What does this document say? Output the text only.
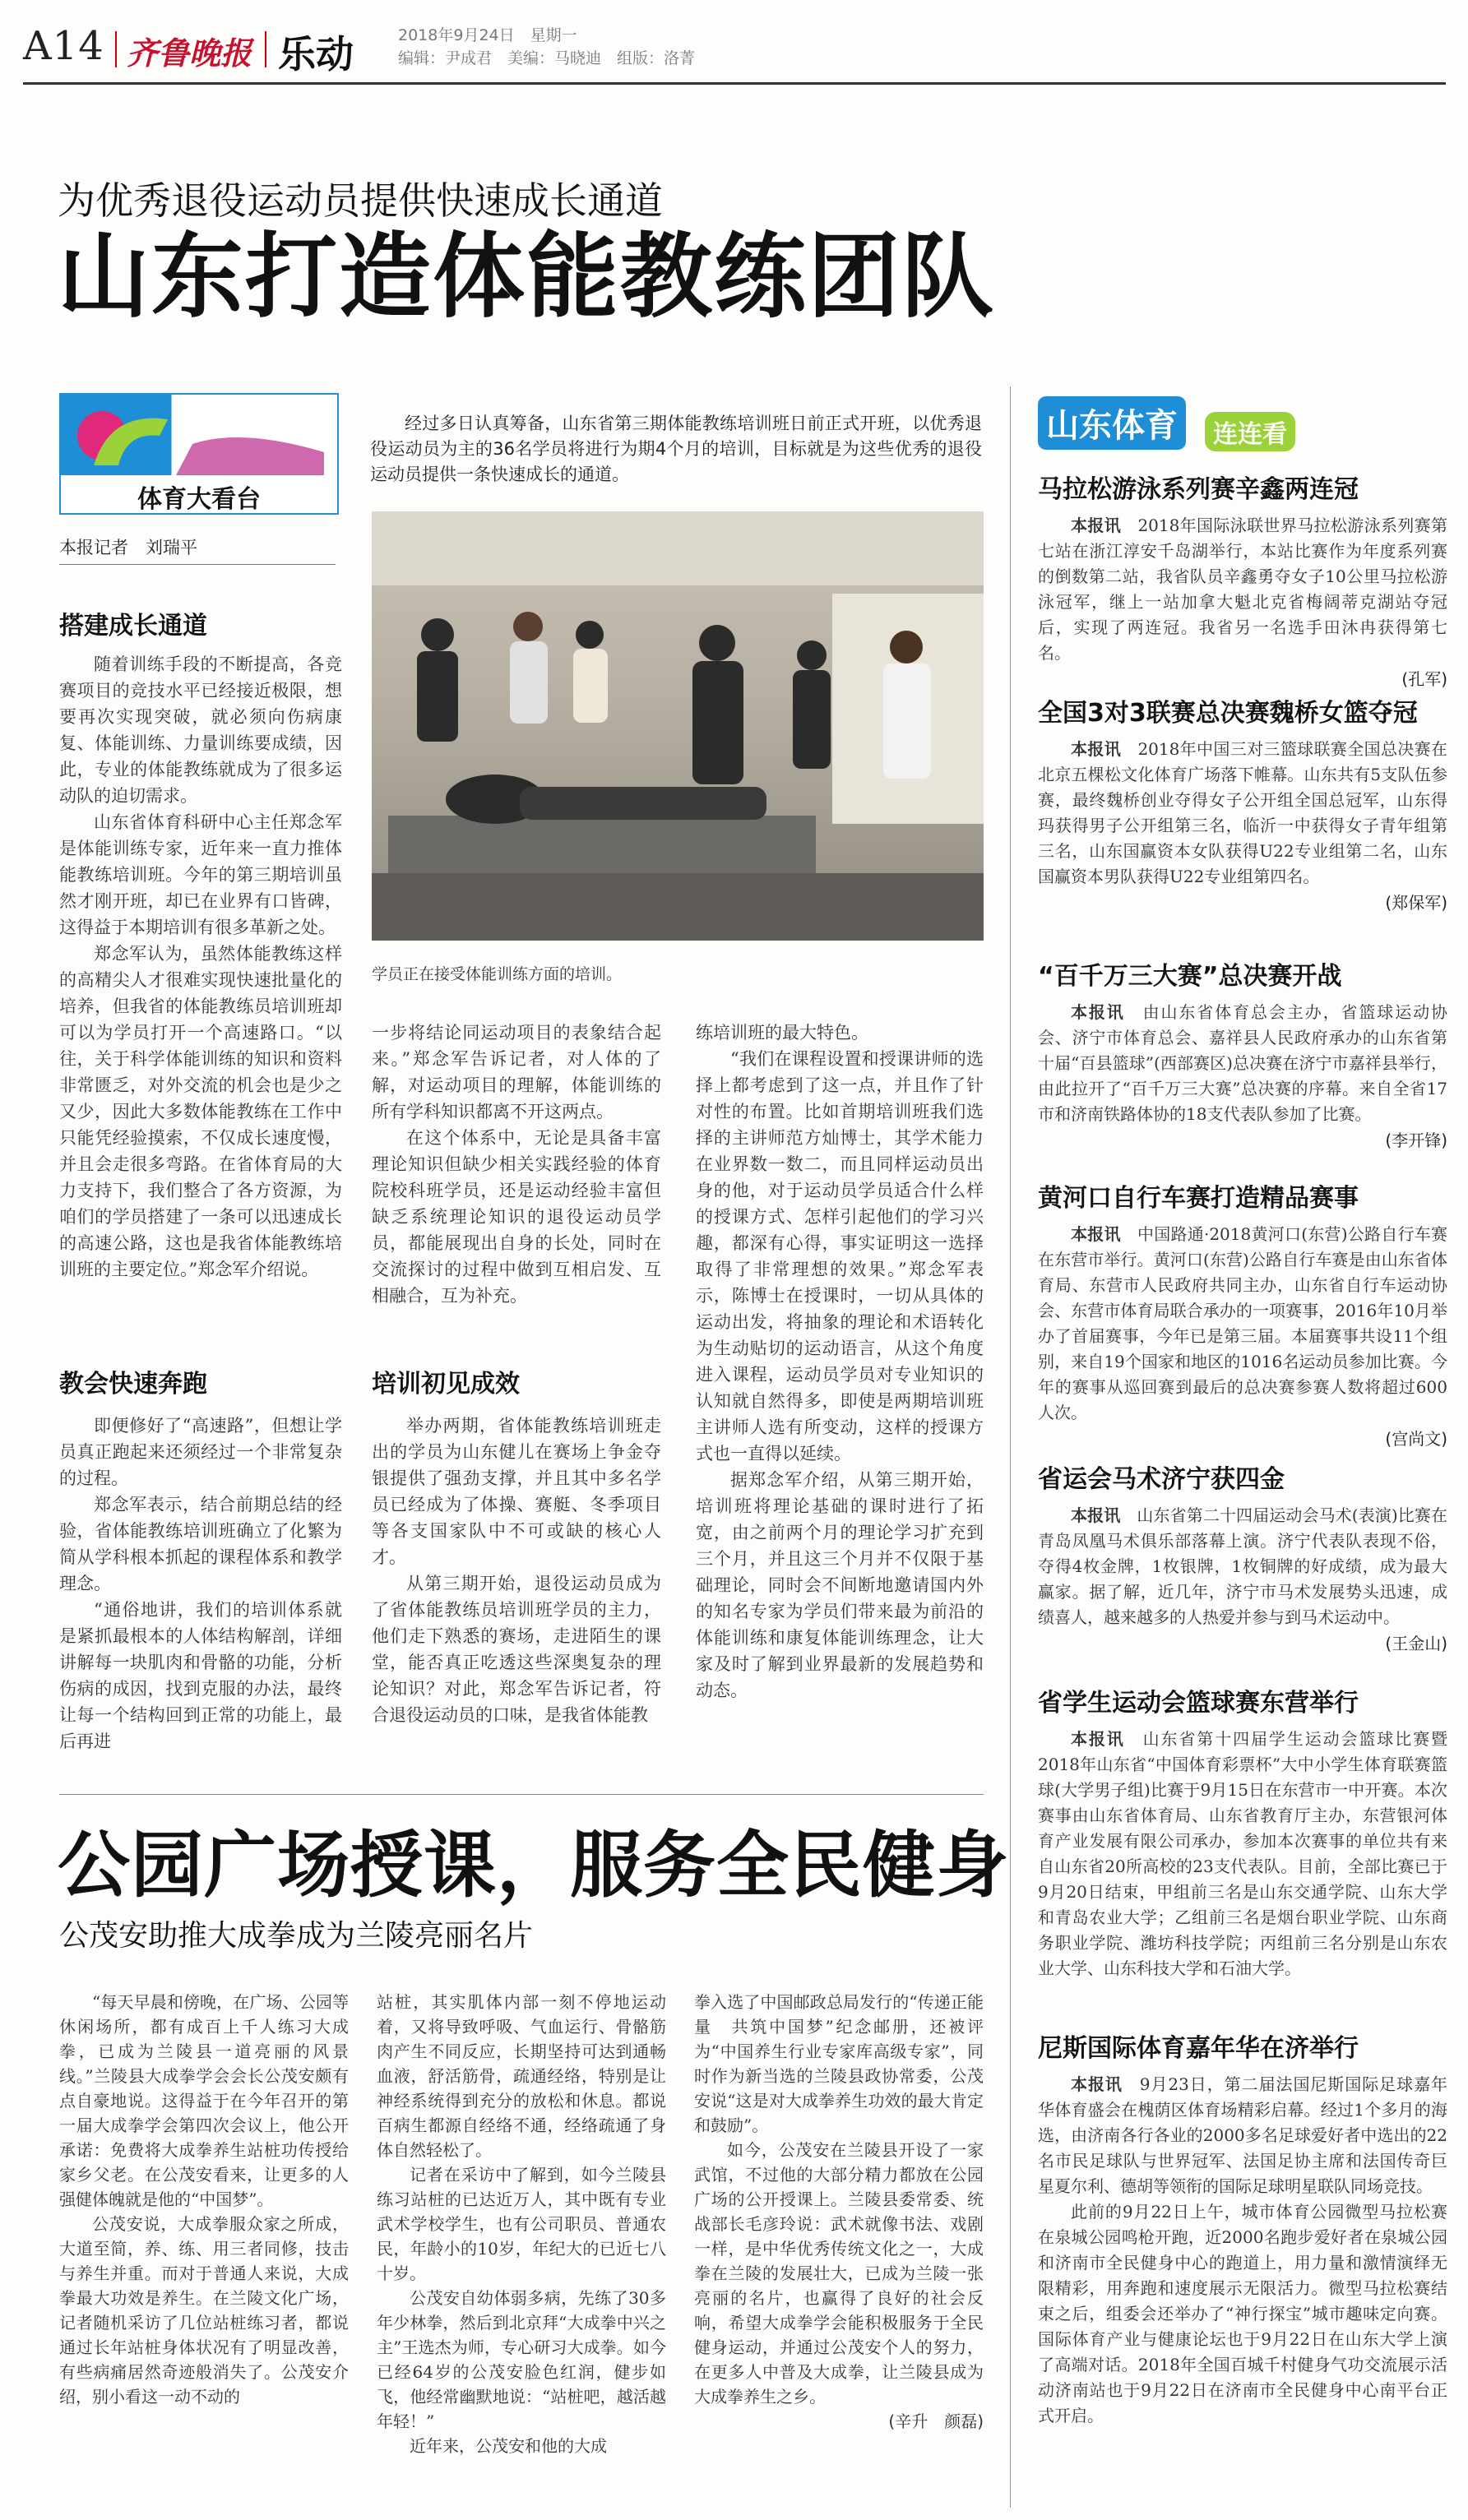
A14 齐鲁晚报 乐动	2018年9月24日　星期一
编辑：尹成君　美编：马晓迪　组版：洛菁
为优秀退役运动员提供快速成长通道
山东打造体能教练团队
体育大看台
本报记者　刘瑞平
经过多日认真筹备，山东省第三期体能教练培训班日前正式开班，以优秀退役运动员为主的36名学员将进行为期4个月的培训，目标就是为这些优秀的退役运动员提供一条快速成长的通道。
学员正在接受体能训练方面的培训。
搭建成长通道

随着训练手段的不断提高，各竞赛项目的竞技水平已经接近极限，想要再次实现突破，就必须向伤病康复、体能训练、力量训练要成绩，因此，专业的体能教练就成为了很多运动队的迫切需求。

山东省体育科研中心主任郑念军是体能训练专家，近年来一直力推体能教练培训班。今年的第三期培训虽然才刚开班，却已在业界有口皆碑，这得益于本期培训有很多革新之处。

郑念军认为，虽然体能教练这样的高精尖人才很难实现快速批量化的培养，但我省的体能教练员培训班却可以为学员打开一个高速路口。“以往，关于科学体能训练的知识和资料非常匮乏，对外交流的机会也是少之又少，因此大多数体能教练在工作中只能凭经验摸索，不仅成长速度慢，并且会走很多弯路。在省体育局的大力支持下，我们整合了各方资源，为咱们的学员搭建了一条可以迅速成长的高速公路，这也是我省体能教练培训班的主要定位。”郑念军介绍说。

教会快速奔跑

即便修好了“高速路”，但想让学员真正跑起来还须经过一个非常复杂的过程。

郑念军表示，结合前期总结的经验，省体能教练培训班确立了化繁为简从学科根本抓起的课程体系和教学理念。

“通俗地讲，我们的培训体系就是紧抓最根本的人体结构解剖，详细讲解每一块肌肉和骨骼的功能，分析伤病的成因，找到克服的办法，最终让每一个结构回到正常的功能上，最后再进

一步将结论同运动项目的表象结合起来。”郑念军告诉记者，对人体的了解，对运动项目的理解，体能训练的所有学科知识都离不开这两点。

在这个体系中，无论是具备丰富理论知识但缺少相关实践经验的体育院校科班学员，还是运动经验丰富但缺乏系统理论知识的退役运动员学员，都能展现出自身的长处，同时在交流探讨的过程中做到互相启发、互相融合，互为补充。

培训初见成效

举办两期，省体能教练培训班走出的学员为山东健儿在赛场上争金夺银提供了强劲支撑，并且其中多名学员已经成为了体操、赛艇、冬季项目等各支国家队中不可或缺的核心人才。

从第三期开始，退役运动员成为了省体能教练员培训班学员的主力，他们走下熟悉的赛场，走进陌生的课堂，能否真正吃透这些深奥复杂的理论知识？对此，郑念军告诉记者，符合退役运动员的口味，是我省体能教

练培训班的最大特色。

“我们在课程设置和授课讲师的选择上都考虑到了这一点，并且作了针对性的布置。比如首期培训班我们选择的主讲师范方灿博士，其学术能力在业界数一数二，而且同样运动员出身的他，对于运动员学员适合什么样的授课方式、怎样引起他们的学习兴趣，都深有心得，事实证明这一选择取得了非常理想的效果。”郑念军表示，陈博士在授课时，一切从具体的运动出发，将抽象的理论和术语转化为生动贴切的运动语言，从这个角度进入课程，运动员学员对专业知识的认知就自然得多，即使是两期培训班主讲师人选有所变动，这样的授课方式也一直得以延续。

据郑念军介绍，从第三期开始，培训班将理论基础的课时进行了拓宽，由之前两个月的理论学习扩充到三个月，并且这三个月并不仅限于基础理论，同时会不间断地邀请国内外的知名专家为学员们带来最为前沿的体能训练和康复体能训练理念，让大家及时了解到业界最新的发展趋势和动态。

公园广场授课，服务全民健身
公茂安助推大成拳成为兰陵亮丽名片

“每天早晨和傍晚，在广场、公园等休闲场所，都有成百上千人练习大成拳，已成为兰陵县一道亮丽的风景线。”兰陵县大成拳学会会长公茂安颇有点自豪地说。这得益于在今年召开的第一届大成拳学会第四次会议上，他公开承诺：免费将大成拳养生站桩功传授给家乡父老。在公茂安看来，让更多的人强健体魄就是他的“中国梦”。

公茂安说，大成拳服众家之所成，大道至简，养、练、用三者同修，技击与养生并重。而对于普通人来说，大成拳最大功效是养生。在兰陵文化广场，记者随机采访了几位站桩练习者，都说通过长年站桩身体状况有了明显改善，有些病痛居然奇迹般消失了。公茂安介绍，别小看这一动不动的

站桩，其实肌体内部一刻不停地运动着，又将导致呼吸、气血运行、骨骼筋肉产生不同反应，长期坚持可达到通畅血液，舒活筋骨，疏通经络，特别是让神经系统得到充分的放松和休息。都说百病生都源自经络不通，经络疏通了身体自然轻松了。

记者在采访中了解到，如今兰陵县练习站桩的已达近万人，其中既有专业武术学校学生，也有公司职员、普通农民，年龄小的10岁，年纪大的已近七八十岁。

公茂安自幼体弱多病，先练了30多年少林拳，然后到北京拜“大成拳中兴之主”王选杰为师，专心研习大成拳。如今已经64岁的公茂安脸色红润，健步如飞，他经常幽默地说：“站桩吧，越活越年轻！”

近年来，公茂安和他的大成

拳入选了中国邮政总局发行的“传递正能量　共筑中国梦”纪念邮册，还被评为“中国养生行业专家库高级专家”，同时作为新当选的兰陵县政协常委，公茂安说“这是对大成拳养生功效的最大肯定和鼓励”。

如今，公茂安在兰陵县开设了一家武馆，不过他的大部分精力都放在公园广场的公开授课上。兰陵县委常委、统战部长毛彦玲说：武术就像书法、戏剧一样，是中华优秀传统文化之一，大成拳在兰陵的发展壮大，已成为兰陵一张亮丽的名片，也赢得了良好的社会反响，希望大成拳学会能积极服务于全民健身运动，并通过公茂安个人的努力，在更多人中普及大成拳，让兰陵县成为大成拳养生之乡。

(辛升　颜磊)

山东体育	连连看
马拉松游泳系列赛辛鑫两连冠
本报讯　 2018年国际泳联世界马拉松游泳系列赛第七站在浙江淳安千岛湖举行，本站比赛作为年度系列赛的倒数第二站，我省队员辛鑫勇夺女子10公里马拉松游泳冠军，继上一站加拿大魁北克省梅阔蒂克湖站夺冠后，实现了两连冠。我省另一名选手田沐冉获得第七名。
(孔军)
全国3对3联赛总决赛魏桥女篮夺冠
本报讯　 2018年中国三对三篮球联赛全国总决赛在北京五棵松文化体育广场落下帷幕。山东共有5支队伍参赛，最终魏桥创业夺得女子公开组全国总冠军，山东得玛获得男子公开组第三名，临沂一中获得女子青年组第三名，山东国赢资本女队获得U22专业组第二名，山东国赢资本男队获得U22专业组第四名。
(郑保军)
“百千万三大赛”总决赛开战
本报讯　 由山东省体育总会主办，省篮球运动协会、济宁市体育总会、嘉祥县人民政府承办的山东省第十届“百县篮球”(西部赛区)总决赛在济宁市嘉祥县举行，由此拉开了“百千万三大赛”总决赛的序幕。来自全省17市和济南铁路体协的18支代表队参加了比赛。
(李开锋)
黄河口自行车赛打造精品赛事
本报讯　 中国路通·2018黄河口(东营)公路自行车赛在东营市举行。黄河口(东营)公路自行车赛是由山东省体育局、东营市人民政府共同主办，山东省自行车运动协会、东营市体育局联合承办的一项赛事，2016年10月举办了首届赛事，今年已是第三届。本届赛事共设11个组别，来自19个国家和地区的1016名运动员参加比赛。今年的赛事从巡回赛到最后的总决赛参赛人数将超过600人次。
(宫尚文)
省运会马术济宁获四金
本报讯　 山东省第二十四届运动会马术(表演)比赛在青岛凤凰马术俱乐部落幕上演。济宁代表队表现不俗，夺得4枚金牌，1枚银牌，1枚铜牌的好成绩，成为最大赢家。据了解，近几年，济宁市马术发展势头迅速，成绩喜人，越来越多的人热爱并参与到马术运动中。
(王金山)
省学生运动会篮球赛东营举行
本报讯　 山东省第十四届学生运动会篮球比赛暨2018年山东省“中国体育彩票杯”大中小学生体育联赛篮球(大学男子组)比赛于9月15日在东营市一中开赛。本次赛事由山东省体育局、山东省教育厅主办，东营银河体育产业发展有限公司承办，参加本次赛事的单位共有来自山东省20所高校的23支代表队。目前，全部比赛已于9月20日结束，甲组前三名是山东交通学院、山东大学和青岛农业大学；乙组前三名是烟台职业学院、山东商务职业学院、潍坊科技学院；丙组前三名分别是山东农业大学、山东科技大学和石油大学。
尼斯国际体育嘉年华在济举行
本报讯　 9月23日，第二届法国尼斯国际足球嘉年华体育盛会在槐荫区体育场精彩启幕。经过1个多月的海选，由济南各行各业的2000多名足球爱好者中选出的22名市民足球队与世界冠军、法国足协主席和法国传奇巨星夏尔利、德胡等领衔的国际足球明星联队同场竞技。
此前的9月22日上午，城市体育公园微型马拉松赛在泉城公园鸣枪开跑，近2000名跑步爱好者在泉城公园和济南市全民健身中心的跑道上，用力量和激情演绎无限精彩，用奔跑和速度展示无限活力。微型马拉松赛结束之后，组委会还举办了“神行探宝”城市趣味定向赛。国际体育产业与健康论坛也于9月22日在山东大学上演了高端对话。2018年全国百城千村健身气功交流展示活动济南站也于9月22日在济南市全民健身中心南平台正式开启。
